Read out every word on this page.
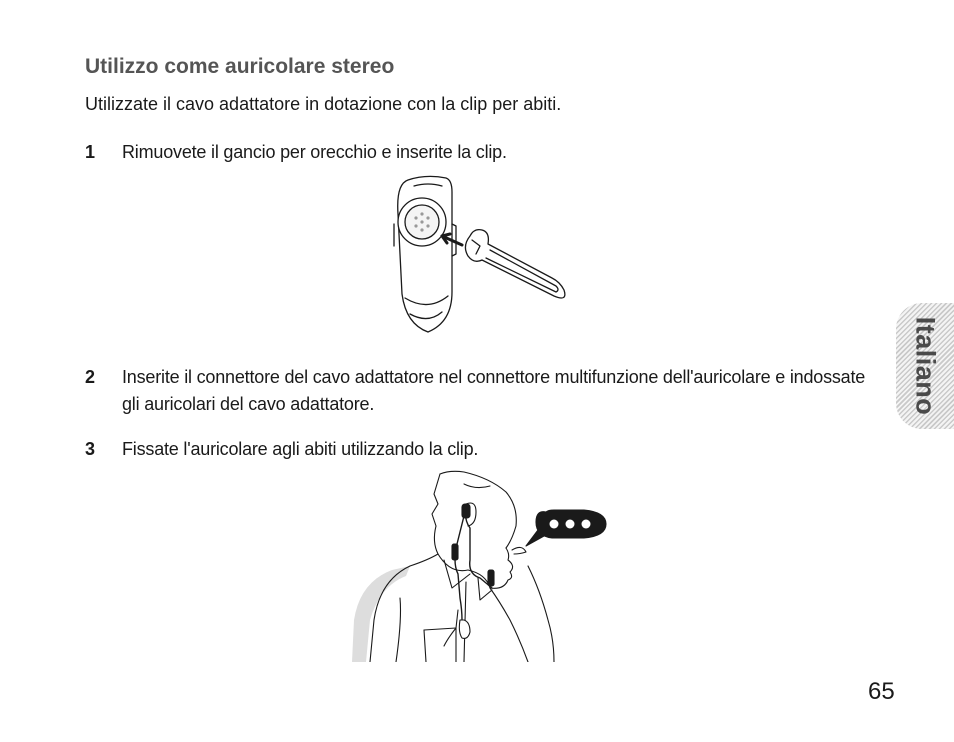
Utilizzo come auricolare stereo
Utilizzate il cavo adattatore in dotazione con la clip per abiti.
1	Rimuovete il gancio per orecchio e inserite la clip.
2	Inserite il connettore del cavo adattatore nel connettore multifunzione dell'auricolare e indossate gli auricolari del cavo adattatore.
3	Fissate l'auricolare agli abiti utilizzando la clip.
Italiano
65
